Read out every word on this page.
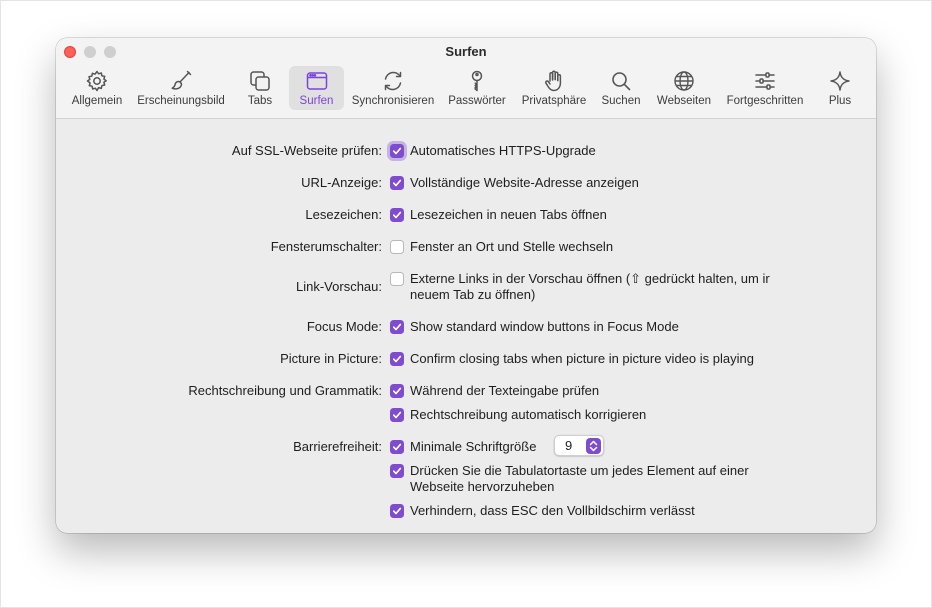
Surfen
Allgemein Erscheinungsbild Tabs Surfen Synchronisieren Passwörter Privatsphäre Suchen Webseiten Fortgeschritten Plus
Auf SSL-Webseite prüfen: Automatisches HTTPS-Upgrade
URL-Anzeige: Vollständige Website-Adresse anzeigen
Lesezeichen: Lesezeichen in neuen Tabs öffnen
Fensterumschalter: Fenster an Ort und Stelle wechseln
Link-Vorschau:
Externe Links in der Vorschau öffnen (⇧ gedrückt halten, um ir
neuem Tab zu öffnen)
Focus Mode: Show standard window buttons in Focus Mode
Picture in Picture: Confirm closing tabs when picture in picture video is playing
Rechtschreibung und Grammatik: Während der Texteingabe prüfen
Rechtschreibung automatisch korrigieren
Barrierefreiheit: Minimale Schriftgröße 9
Drücken Sie die Tabulatortaste um jedes Element auf einer
Webseite hervorzuheben
Verhindern, dass ESC den Vollbildschirm verlässt
